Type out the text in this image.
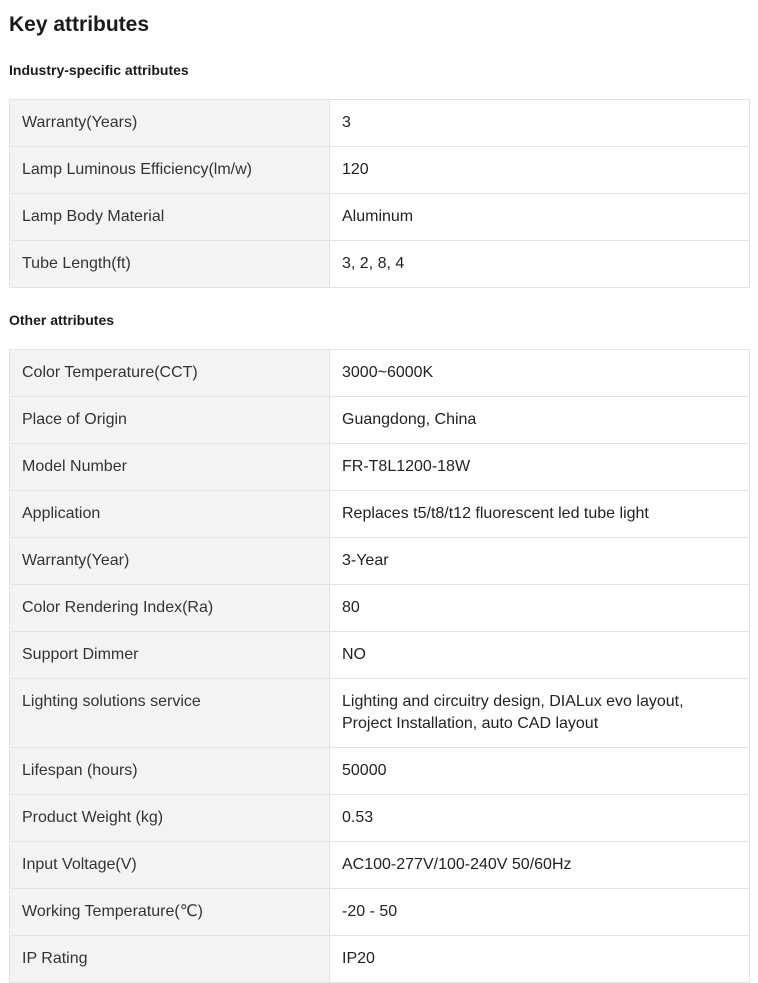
Key attributes
Industry-specific attributes
Warranty(Years)	3
Lamp Luminous Efficiency(lm/w)	120
Lamp Body Material	Aluminum
Tube Length(ft)	3, 2, 8, 4
Other attributes
Color Temperature(CCT)	3000~6000K
Place of Origin	Guangdong, China
Model Number	FR-T8L1200-18W
Application	Replaces t5/t8/t12 fluorescent led tube light
Warranty(Year)	3-Year
Color Rendering Index(Ra)	80
Support Dimmer	NO
Lighting solutions service	Lighting and circuitry design, DIALux evo layout, Project Installation, auto CAD layout
Lifespan (hours)	50000
Product Weight (kg)	0.53
Input Voltage(V)	AC100-277V/100-240V 50/60Hz
Working Temperature(℃)	-20 - 50
IP Rating	IP20
